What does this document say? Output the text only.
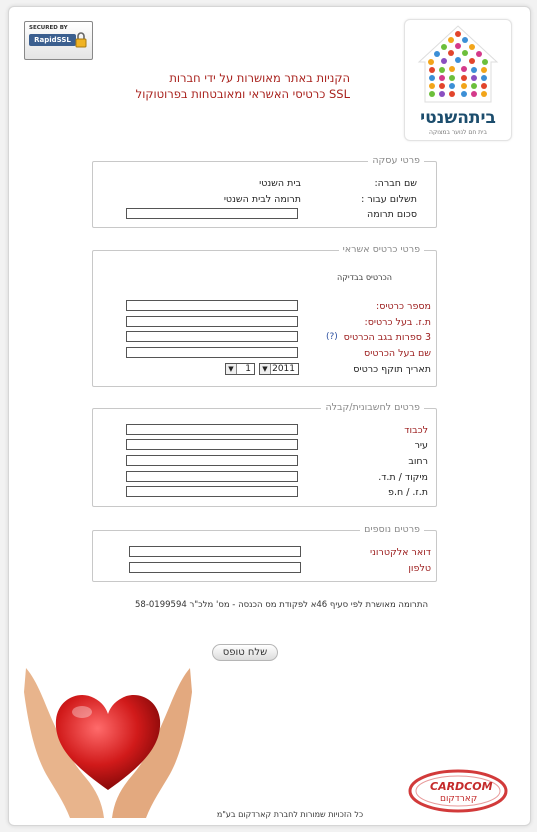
SECURED BY
RapidSSL
הקניות באתר מאושרות על ידי חברות
כרטיסי האשראי ומאובטחות בפרוטוקול SSL
ביתהשנטי
בית חם לנוער במצוקה
פרטי עסקה
שם חברה:
בית השנטי
תשלום עבור :
תרומה לבית השנטי
סכום תרומה
פרטי כרטיס אשראי
הכרטיס בבדיקה
מספר כרטיס:
ת.ז. בעל כרטיס:
3 ספרות בגב הכרטיס
(?)
שם בעל הכרטיס
תאריך תוקף כרטיס
▼ 2011
▼	1
פרטים לחשבונית/קבלה
לכבוד
עיר
רחוב
מיקוד / ת.ד.
ת.ז. / ח.פ
פרטים נוספים
דואר אלקטרוני
טלפון
התרומה מאושרת לפי סעיף 46א לפקודת מס הכנסה - מס' מלכ"ר 58-0199594
שלח טופס
CARDCOM
קארדקום
כל הזכויות שמורות לחברת קארדקום בע"מ
